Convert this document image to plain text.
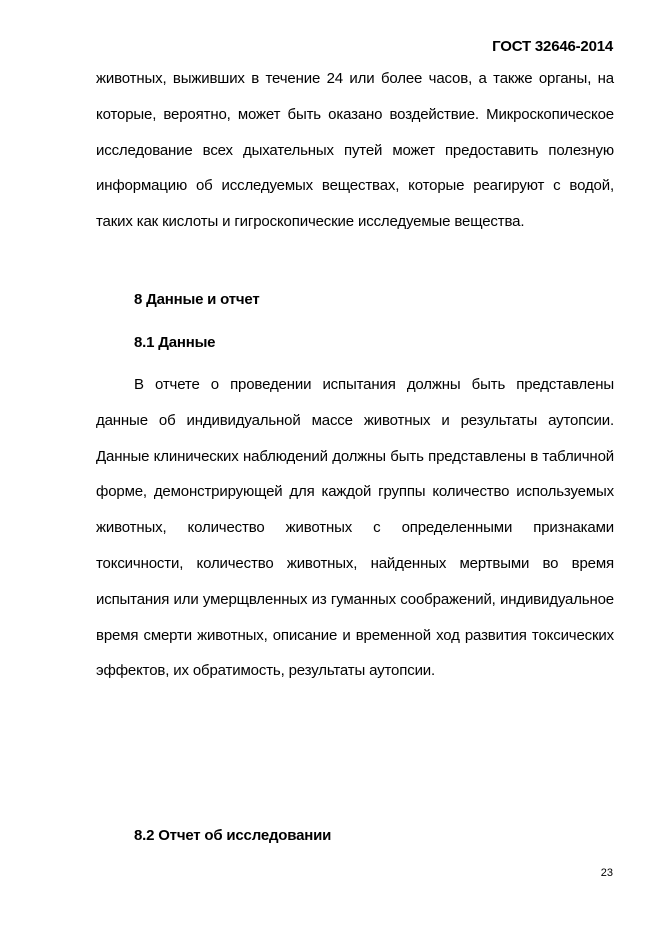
ГОСТ 32646-2014

животных, выживших в течение 24 или более часов, а также органы, на которые, вероятно, может быть оказано воздействие. Микроскопическое исследование всех дыхательных путей может предоставить полезную информацию об исследуемых веществах, которые реагируют с водой, таких как кислоты и гигроскопические исследуемые вещества.

8 Данные и отчет
8.1 Данные

В отчете о проведении испытания должны быть представлены данные об индивидуальной массе животных и результаты аутопсии. Данные клинических наблюдений должны быть представлены в табличной форме, демонстрирующей для каждой группы количество используемых животных, количество животных с определенными признаками токсичности, количество животных, найденных мертвыми во время испытания или умерщвленных из гуманных соображений, индивидуальное время смерти животных, описание и временной ход развития токсических эффектов, их обратимость, результаты аутопсии.

8.2 Отчет об исследовании
23
